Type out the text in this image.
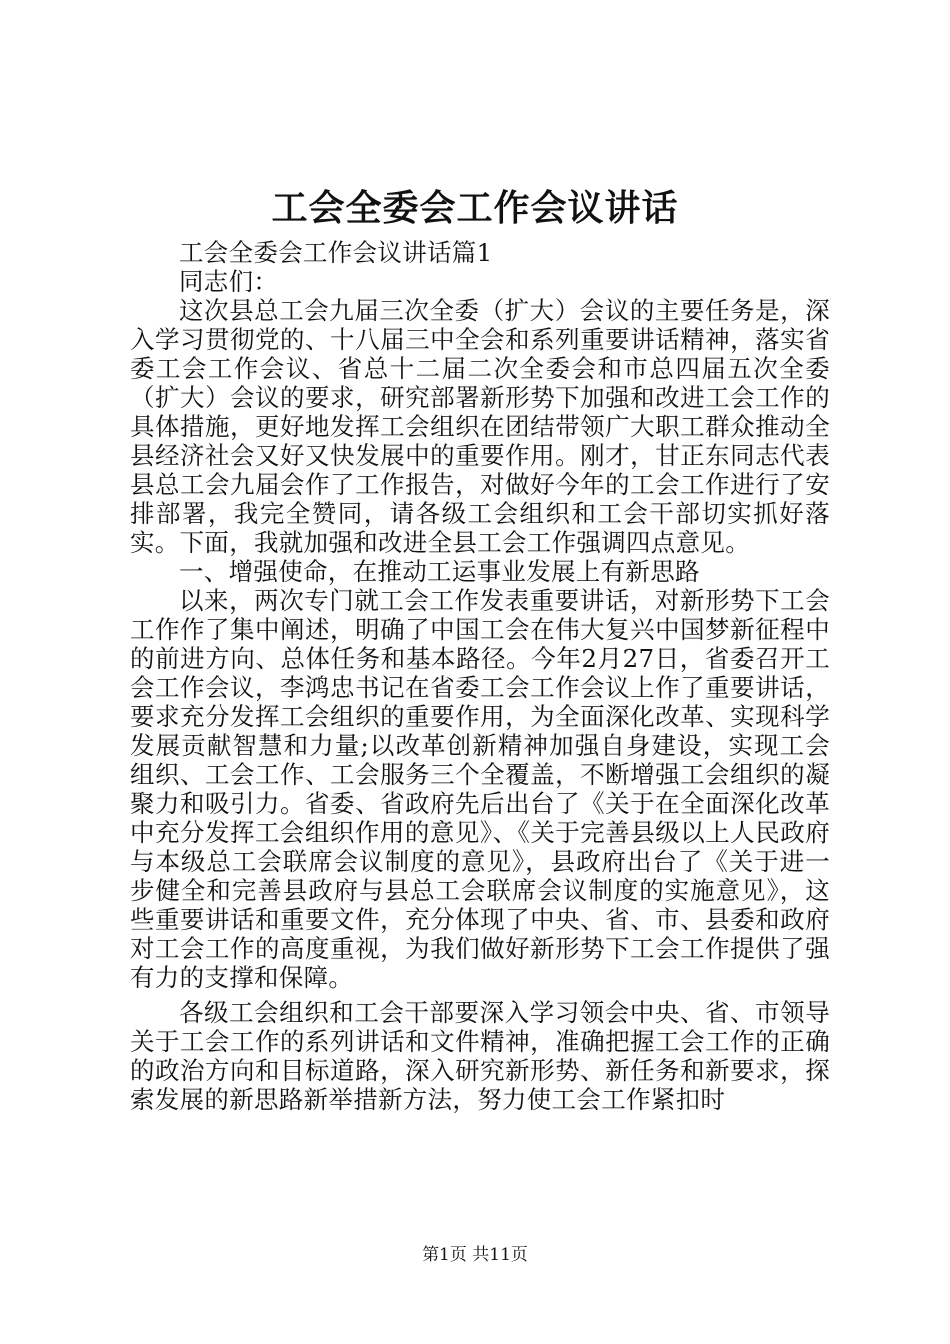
工会全委会工作会议讲话

工会全委会工作会议讲话篇1

同志们：

这次县总工会九届三次全委（扩大）会议的主要任务是，深入学习贯彻党的、十八届三中全会和系列重要讲话精神，落实省委工会工作会议、省总十二届二次全委会和市总四届五次全委（扩大）会议的要求，研究部署新形势下加强和改进工会工作的具体措施，更好地发挥工会组织在团结带领广大职工群众推动全县经济社会又好又快发展中的重要作用。刚才，甘正东同志代表县总工会九届会作了工作报告，对做好今年的工会工作进行了安排部署，我完全赞同，请各级工会组织和工会干部切实抓好落实。下面，我就加强和改进全县工会工作强调四点意见。

一、增强使命，在推动工运事业发展上有新思路

以来，两次专门就工会工作发表重要讲话，对新形势下工会工作作了集中阐述，明确了中国工会在伟大复兴中国梦新征程中的前进方向、总体任务和基本路径。今年2月27日，省委召开工会工作会议，李鸿忠书记在省委工会工作会议上作了重要讲话，要求充分发挥工会组织的重要作用，为全面深化改革、实现科学发展贡献智慧和力量;以改革创新精神加强自身建设，实现工会组织、工会工作、工会服务三个全覆盖，不断增强工会组织的凝聚力和吸引力。省委、省政府先后出台了《关于在全面深化改革中充分发挥工会组织作用的意见》、《关于完善县级以上人民政府与本级总工会联席会议制度的意见》，县政府出台了《关于进一步健全和完善县政府与县总工会联席会议制度的实施意见》，这些重要讲话和重要文件，充分体现了中央、省、市、县委和政府对工会工作的高度重视，为我们做好新形势下工会工作提供了强有力的支撑和保障。

各级工会组织和工会干部要深入学习领会中央、省、市领导关于工会工作的系列讲话和文件精神，准确把握工会工作的正确的政治方向和目标道路，深入研究新形势、新任务和新要求，探索发展的新思路新举措新方法，努力使工会工作紧扣时

第1页 共11页
